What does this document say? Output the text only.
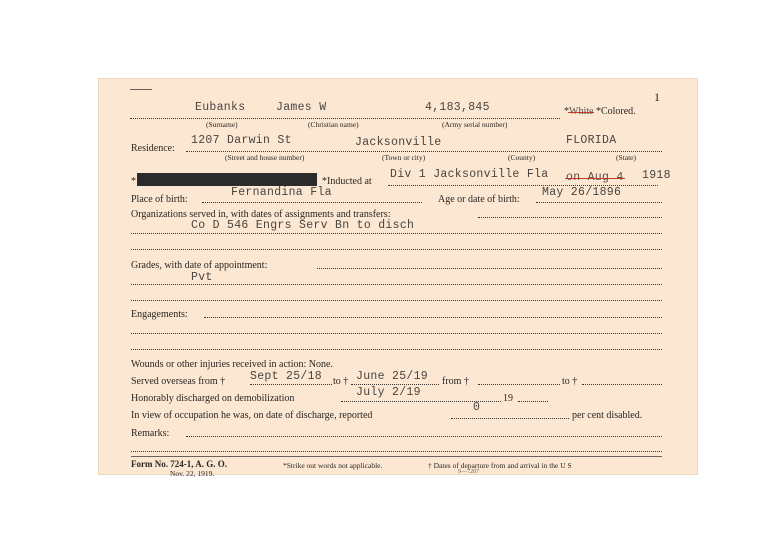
1
Eubanks	James W	4,183,845	*White *Colored.
(Surname)	(Christian name)	(Army serial number)
1207 Darwin St	Jacksonville	FLORIDA
Residence:
(Street and house number)	(Town or city)	(County)	(State)
*	*Inducted at
Div 1 Jacksonville Fla on Aug 4 1918
Fernandina Fla	May 26/1896
Place of birth:	Age or date of birth:
Organizations served in, with dates of assignments and transfers:
Co D 546 Engrs Serv Bn to disch
Grades, with date of appointment:
Pvt
Engagements:
Wounds or other injuries received in action: None.
Served overseas from † Sept 25/18 to † June 25/19 from †	to †
Honorably discharged on demobilization	July 2/19	19
In view of occupation he was, on date of discharge, reported
0
per cent disabled.
Remarks:
Form No. 724-1, A. G. O.
Nov. 22, 1919.
*Strike out words not applicable.	† Dates of departure from and arrival in the U S
9—7207
